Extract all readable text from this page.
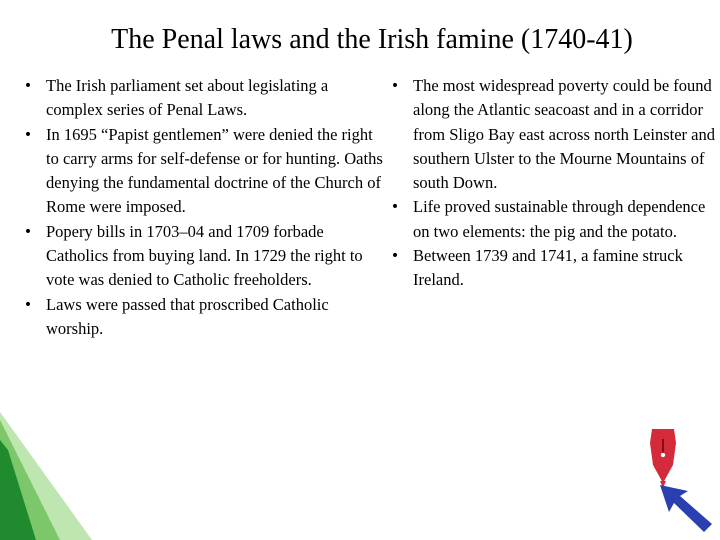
The Penal laws and the Irish famine (1740-41)
• The Irish parliament set about legislating a complex series of Penal Laws.
• In 1695 “Papist gentlemen” were denied the right to carry arms for self-defense or for hunting. Oaths denying the fundamental doctrine of the Church of Rome were imposed.
• Popery bills in 1703–04 and 1709 forbade Catholics from buying land. In 1729 the right to vote was denied to Catholic freeholders.
• Laws were passed that proscribed Catholic worship.
• The most widespread poverty could be found along the Atlantic seacoast and in a corridor from Sligo Bay east across north Leinster and southern Ulster to the Mourne Mountains of south Down.
• Life proved sustainable through dependence on two elements: the pig and the potato.
• Between 1739 and 1741, a famine struck Ireland.
